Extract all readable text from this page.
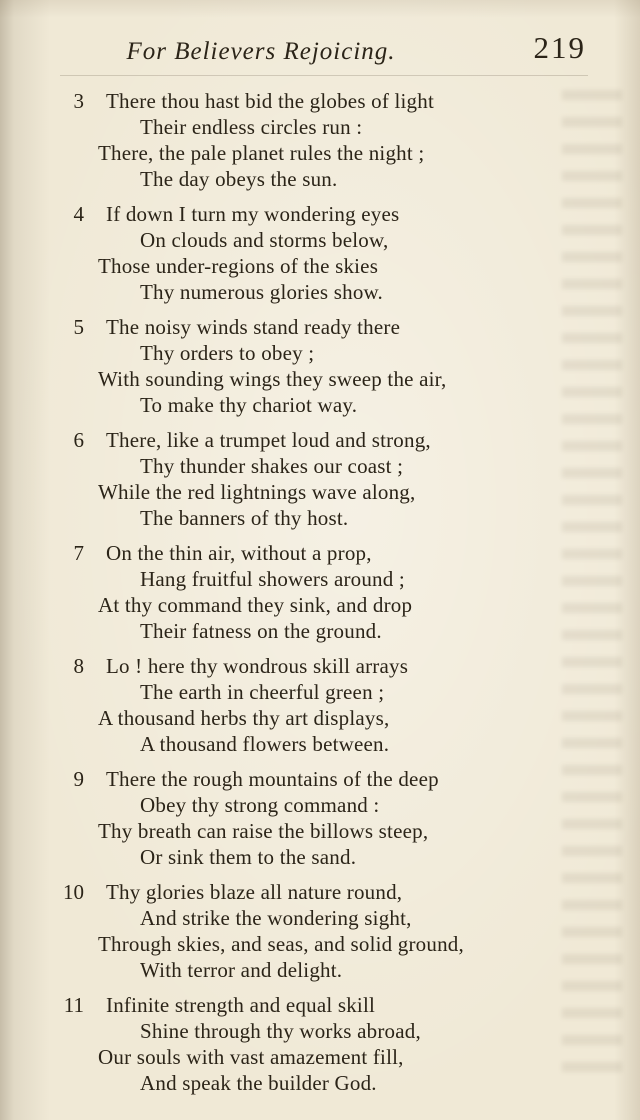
For Believers Rejoicing.	219
3 There thou hast bid the globes of light
Their endless circles run :
There, the pale planet rules the night ;
The day obeys the sun.
4 If down I turn my wondering eyes
On clouds and storms below,
Those under-regions of the skies
Thy numerous glories show.
5 The noisy winds stand ready there
Thy orders to obey ;
With sounding wings they sweep the air,
To make thy chariot way.
6 There, like a trumpet loud and strong,
Thy thunder shakes our coast ;
While the red lightnings wave along,
The banners of thy host.
7 On the thin air, without a prop,
Hang fruitful showers around ;
At thy command they sink, and drop
Their fatness on the ground.
8 Lo ! here thy wondrous skill arrays
The earth in cheerful green ;
A thousand herbs thy art displays,
A thousand flowers between.
9 There the rough mountains of the deep
Obey thy strong command :
Thy breath can raise the billows steep,
Or sink them to the sand.
10 Thy glories blaze all nature round,
And strike the wondering sight,
Through skies, and seas, and solid ground,
With terror and delight.
11 Infinite strength and equal skill
Shine through thy works abroad,
Our souls with vast amazement fill,
And speak the builder God.
